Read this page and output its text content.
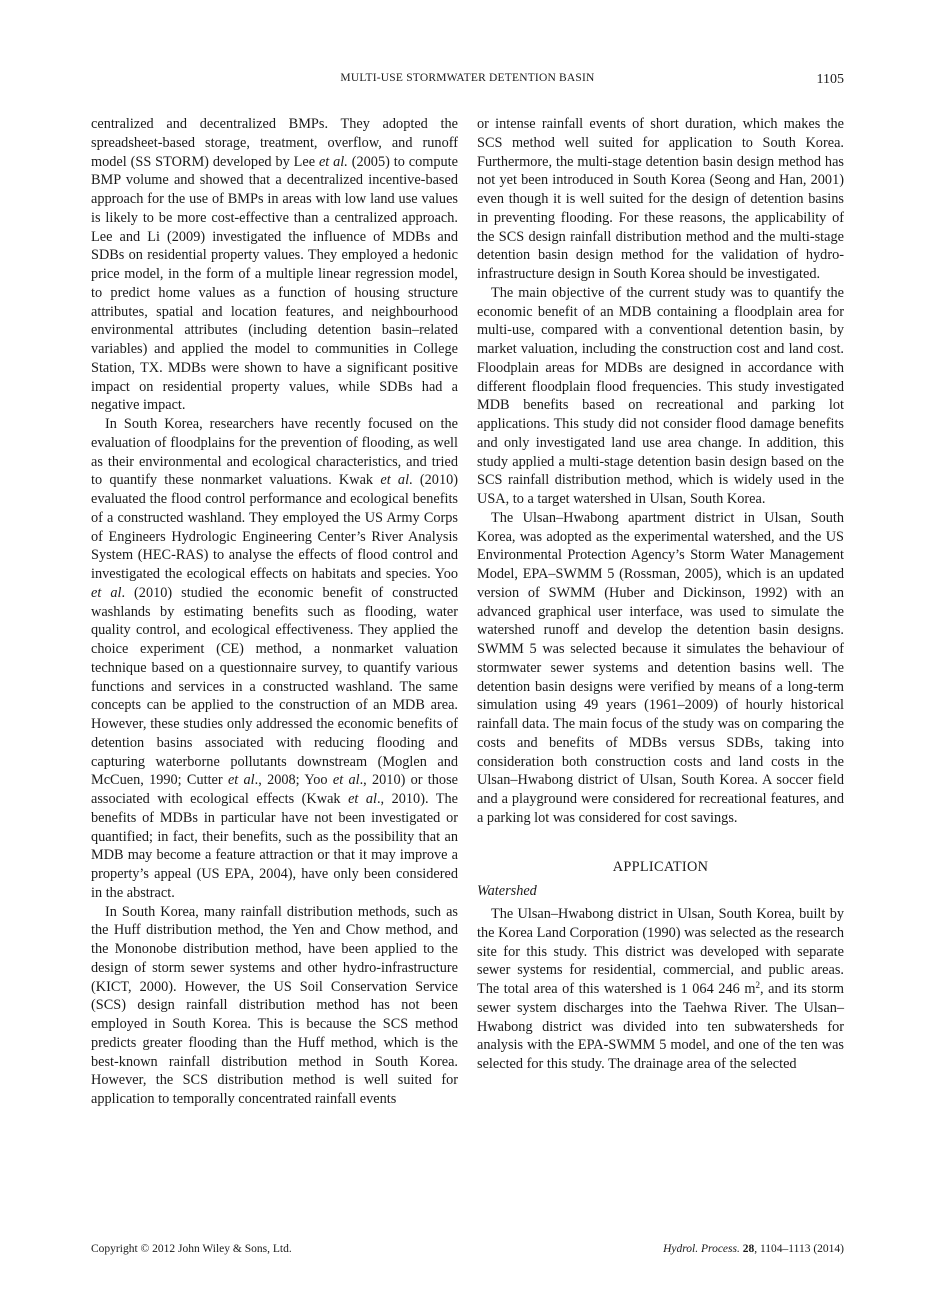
MULTI-USE STORMWATER DETENTION BASIN	1105

centralized and decentralized BMPs. They adopted the spreadsheet-based storage, treatment, overflow, and runoff model (SS STORM) developed by Lee et al. (2005) to compute BMP volume and showed that a decentralized incentive-based approach for the use of BMPs in areas with low land use values is likely to be more cost-effective than a centralized approach. Lee and Li (2009) investigated the influence of MDBs and SDBs on residential property values. They employed a hedonic price model, in the form of a multiple linear regression model, to predict home values as a function of housing structure attributes, spatial and location features, and neighbourhood environmental attributes (including detention basin–related variables) and applied the model to communities in College Station, TX. MDBs were shown to have a significant positive impact on residential property values, while SDBs had a negative impact.

In South Korea, researchers have recently focused on the evaluation of floodplains for the prevention of flooding, as well as their environmental and ecological characteristics, and tried to quantify these nonmarket valuations. Kwak et al. (2010) evaluated the flood control performance and ecological benefits of a constructed washland. They employed the US Army Corps of Engineers Hydrologic Engineering Center’s River Analysis System (HEC-RAS) to analyse the effects of flood control and investigated the ecological effects on habitats and species. Yoo et al. (2010) studied the economic benefit of constructed washlands by estimating benefits such as flooding, water quality control, and ecological effectiveness. They applied the choice experiment (CE) method, a nonmarket valuation technique based on a questionnaire survey, to quantify various functions and services in a constructed washland. The same concepts can be applied to the construction of an MDB area. However, these studies only addressed the economic benefits of detention basins associated with reducing flooding and capturing waterborne pollutants downstream (Moglen and McCuen, 1990; Cutter et al., 2008; Yoo et al., 2010) or those associated with ecological effects (Kwak et al., 2010). The benefits of MDBs in particular have not been investigated or quantified; in fact, their benefits, such as the possibility that an MDB may become a feature attraction or that it may improve a property’s appeal (US EPA, 2004), have only been considered in the abstract.

In South Korea, many rainfall distribution methods, such as the Huff distribution method, the Yen and Chow method, and the Mononobe distribution method, have been applied to the design of storm sewer systems and other hydro-infrastructure (KICT, 2000). However, the US Soil Conservation Service (SCS) design rainfall distribution method has not been employed in South Korea. This is because the SCS method predicts greater flooding than the Huff method, which is the best-known rainfall distribution method in South Korea. However, the SCS distribution method is well suited for application to temporally concentrated rainfall events

or intense rainfall events of short duration, which makes the SCS method well suited for application to South Korea. Furthermore, the multi-stage detention basin design method has not yet been introduced in South Korea (Seong and Han, 2001) even though it is well suited for the design of detention basins in preventing flooding. For these reasons, the applicability of the SCS design rainfall distribution method and the multi-stage detention basin design method for the validation of hydro-infrastructure design in South Korea should be investigated.

The main objective of the current study was to quantify the economic benefit of an MDB containing a floodplain area for multi-use, compared with a conventional detention basin, by market valuation, including the construction cost and land cost. Floodplain areas for MDBs are designed in accordance with different floodplain flood frequencies. This study investigated MDB benefits based on recreational and parking lot applications. This study did not consider flood damage benefits and only investigated land use area change. In addition, this study applied a multi-stage detention basin design based on the SCS rainfall distribution method, which is widely used in the USA, to a target watershed in Ulsan, South Korea.

The Ulsan–Hwabong apartment district in Ulsan, South Korea, was adopted as the experimental watershed, and the US Environmental Protection Agency’s Storm Water Management Model, EPA–SWMM 5 (Rossman, 2005), which is an updated version of SWMM (Huber and Dickinson, 1992) with an advanced graphical user interface, was used to simulate the watershed runoff and develop the detention basin designs. SWMM 5 was selected because it simulates the behaviour of stormwater sewer systems and detention basins well. The detention basin designs were verified by means of a long-term simulation using 49 years (1961–2009) of hourly historical rainfall data. The main focus of the study was on comparing the costs and benefits of MDBs versus SDBs, taking into consideration both construction costs and land costs in the Ulsan–Hwabong district of Ulsan, South Korea. A soccer field and a playground were considered for recreational features, and a parking lot was considered for cost savings.

APPLICATION
Watershed

The Ulsan–Hwabong district in Ulsan, South Korea, built by the Korea Land Corporation (1990) was selected as the research site for this study. This district was developed with separate sewer systems for residential, commercial, and public areas. The total area of this watershed is 1 064 246 $m^2$, and its storm sewer system discharges into the Taehwa River. The Ulsan–Hwabong district was divided into ten subwatersheds for analysis with the EPA-SWMM 5 model, and one of the ten was selected for this study. The drainage area of the selected

Copyright © 2012 John Wiley & Sons, Ltd.	Hydrol. Process. 28, 1104–1113 (2014)
